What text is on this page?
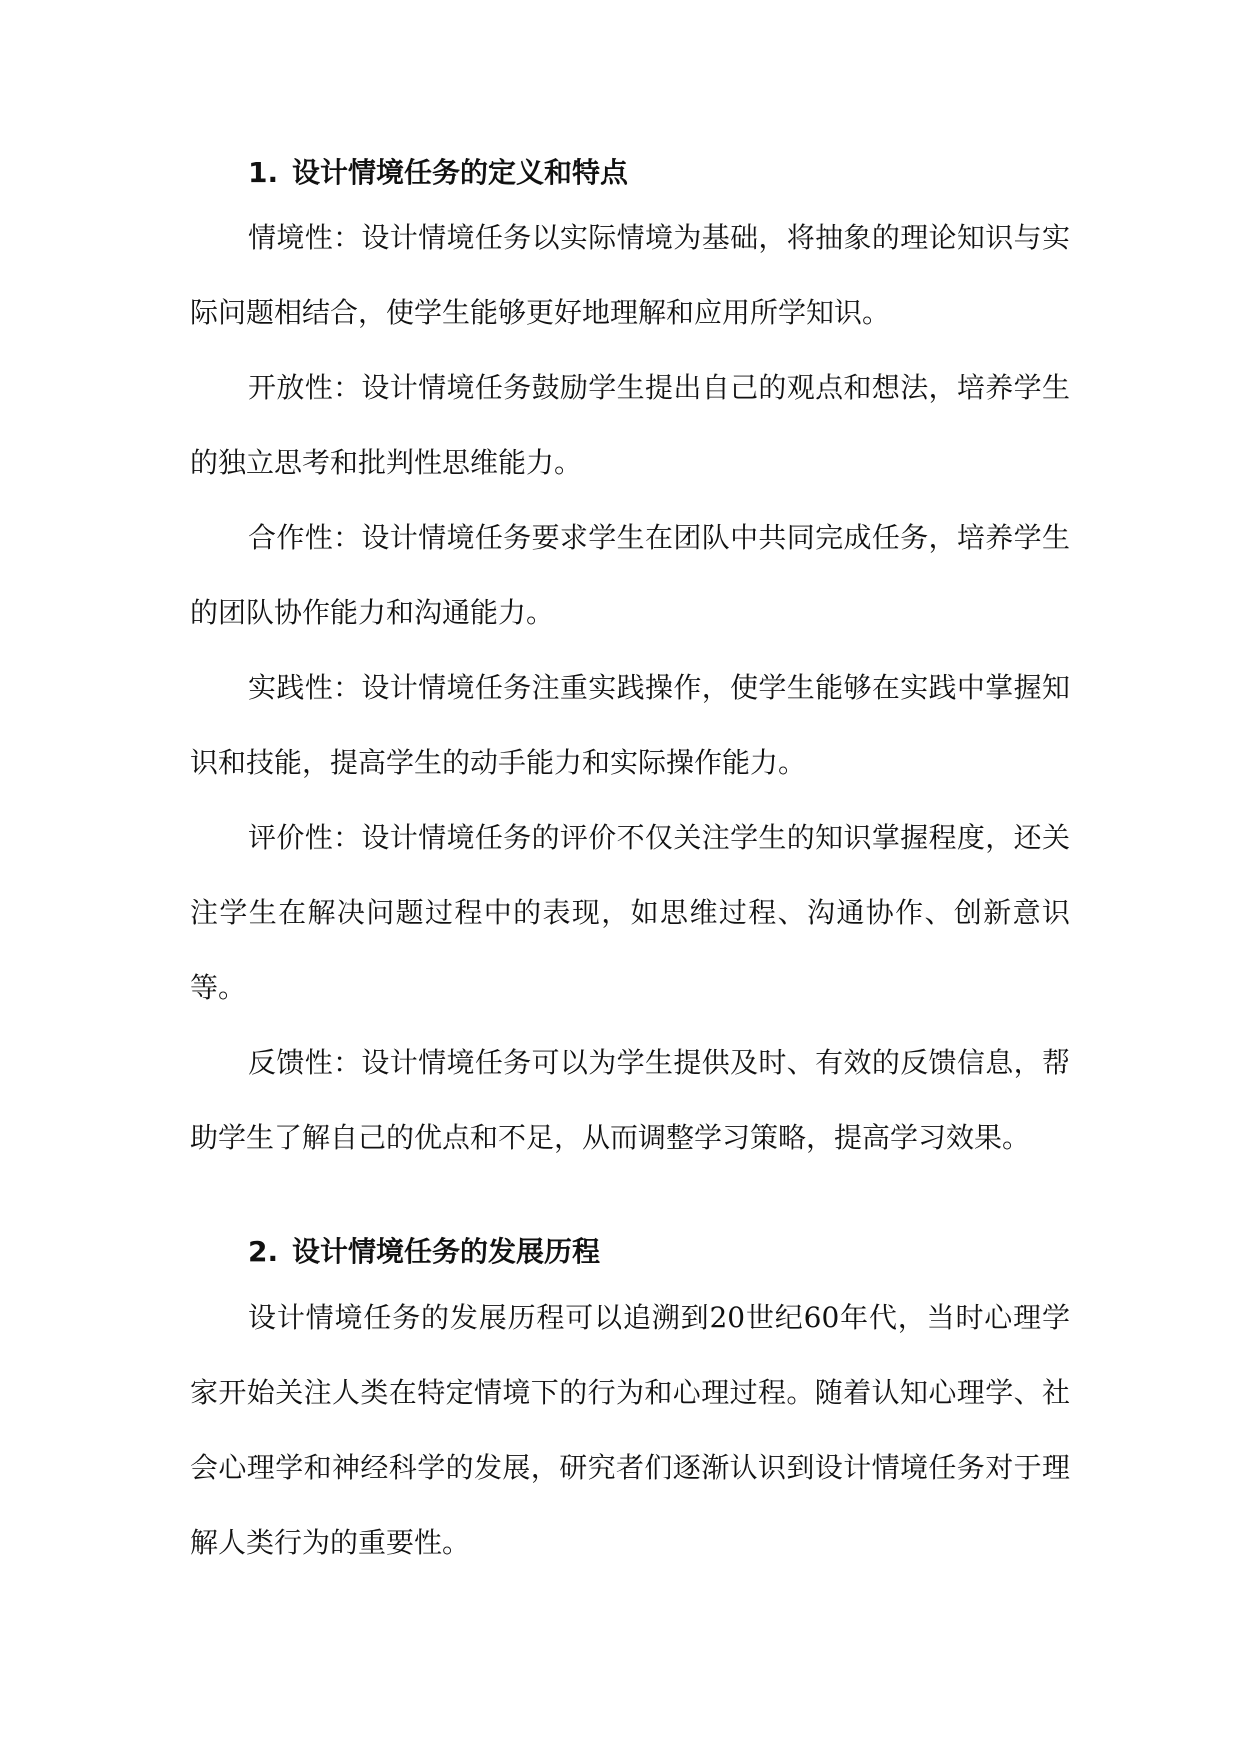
1. 设计情境任务的定义和特点

情境性：设计情境任务以实际情境为基础，将抽象的理论知识与实际问题相结合，使学生能够更好地理解和应用所学知识。

开放性：设计情境任务鼓励学生提出自己的观点和想法，培养学生的独立思考和批判性思维能力。

合作性：设计情境任务要求学生在团队中共同完成任务，培养学生的团队协作能力和沟通能力。

实践性：设计情境任务注重实践操作，使学生能够在实践中掌握知识和技能，提高学生的动手能力和实际操作能力。

评价性：设计情境任务的评价不仅关注学生的知识掌握程度，还关注学生在解决问题过程中的表现，如思维过程、沟通协作、创新意识等。

反馈性：设计情境任务可以为学生提供及时、有效的反馈信息，帮助学生了解自己的优点和不足，从而调整学习策略，提高学习效果。

2. 设计情境任务的发展历程

设计情境任务的发展历程可以追溯到20世纪60年代，当时心理学家开始关注人类在特定情境下的行为和心理过程。随着认知心理学、社会心理学和神经科学的发展，研究者们逐渐认识到设计情境任务对于理解人类行为的重要性。
